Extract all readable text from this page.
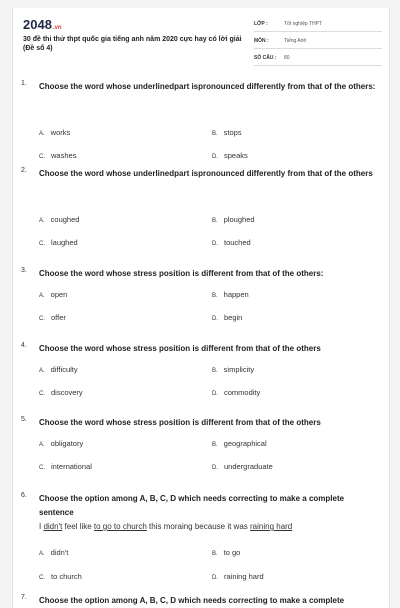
2048.vn
30 đề thi thử thpt quốc gia tiếng anh năm 2020 cực hay có lời giải (Đề số 4)
LỚP :	Tốt nghiệp THPT
MÔN :	Tiếng Anh
SỐ CÂU :	80
1. Choose the word whose underlinedpart ispronounced differently from that of the others:
A. works	B. stops
C. washes	D. speaks
2. Choose the word whose underlinedpart ispronounced differently from that of the others
A. coughed	B. ploughed
C. laughed	D. touched
3. Choose the word whose stress position is different from that of the others:
A. open	B. happen
C. offer	D. begin
4. Choose the word whose stress position is different from that of the others
A. difficulty	B. simplicity
C. discovery	D. commodity
5. Choose the word whose stress position is different from that of the others
A. obligatory	B. geographical
C. international	D. undergraduate
6. Choose the option among A, B, C, D which needs correcting to make a complete sentence
I didn't feel like to go to church this moraing because it was raining hard
A. didn't	B. to go
C. to church	D. raining hard
7. Choose the option among A, B, C, D which needs correcting to make a complete
